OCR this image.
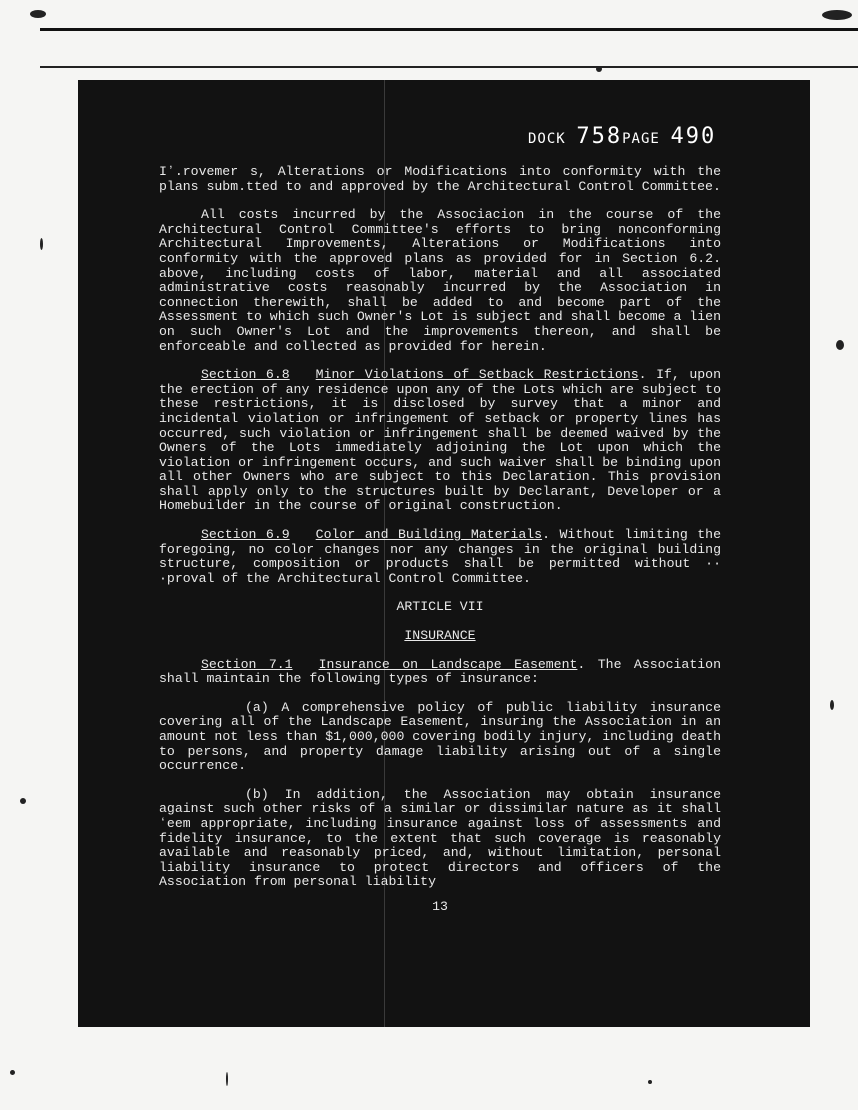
DOCK 758PAGE 490

Iʼ.rovemer s, Alterations or Modifications into conformity with the plans subm.tted to and approved by the Architectural Control Committee.

All costs incurred by the Associacion in the course of the Architectural Control Committee's efforts to bring nonconforming Architectural Improvements, Alterations or Modifications into conformity with the approved plans as provided for in Section 6.2. above, including costs of labor, material and all associated administrative costs reasonably incurred by the Association in connection therewith, shall be added to and become part of the Assessment to which such Owner's Lot is subject and shall become a lien on such Owner's Lot and the improvements thereon, and shall be enforceable and collected as provided for herein.

Section 6.8 Minor Violations of Setback Restrictions. If, upon the erection of any residence upon any of the Lots which are subject to these restrictions, it is disclosed by survey that a minor and incidental violation or infringement of setback or property lines has occurred, such violation or infringement shall be deemed waived by the Owners of the Lots immediately adjoining the Lot upon which the violation or infringement occurs, and such waiver shall be binding upon all other Owners who are subject to this Declaration. This provision shall apply only to the structures built by Declarant, Developer or a Homebuilder in the course of original construction.

Section 6.9 Color and Building Materials. Without limiting the foregoing, no color changes nor any changes in the original building structure, composition or products shall be permitted without ·· ·proval of the Architectural Control Committee.

ARTICLE VII
INSURANCE

Section 7.1 Insurance on Landscape Easement. The Association shall maintain the following types of insurance:

(a) A comprehensive policy of public liability insurance covering all of the Landscape Easement, insuring the Association in an amount not less than $1,000,000 covering bodily injury, including death to persons, and property damage liability arising out of a single occurrence.

(b) In addition, the Association may obtain insurance against such other risks of a similar or dissimilar nature as it shall ʻeem appropriate, including insurance against loss of assessments and fidelity insurance, to the extent that such coverage is reasonably available and reasonably priced, and, without limitation, personal liability insurance to protect directors and officers of the Association from personal liability

13
